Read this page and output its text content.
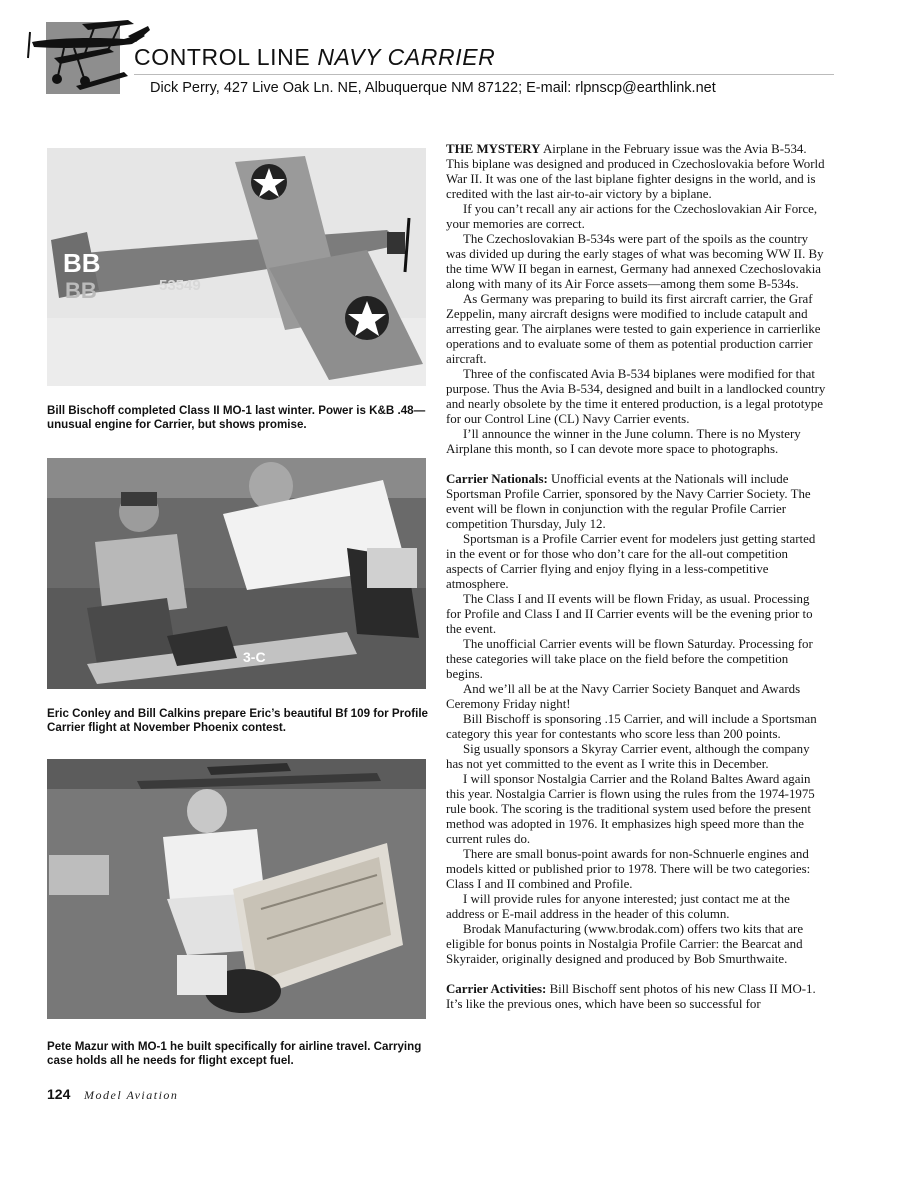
CONTROL LINE NAVY CARRIER
Dick Perry, 427 Live Oak Ln. NE, Albuquerque NM 87122; E-mail: rlpnscp@earthlink.net
BB
BB	53549
Bill Bischoff completed Class II MO-1 last winter. Power is K&B .48—unusual engine for Carrier, but shows promise.
3-C
Eric Conley and Bill Calkins prepare Eric’s beautiful Bf 109 for Profile Carrier flight at November Phoenix contest.
Pete Mazur with MO-1 he built specifically for airline travel. Carrying case holds all he needs for flight except fuel.

THE MYSTERY Airplane in the February issue was the Avia B-534. This biplane was designed and produced in Czechoslovakia before World War II. It was one of the last biplane fighter designs in the world, and is credited with the last air-to-air victory by a biplane.

If you can’t recall any air actions for the Czechoslovakian Air Force, your memories are correct.

The Czechoslovakian B-534s were part of the spoils as the country was divided up during the early stages of what was becoming WW II. By the time WW II began in earnest, Germany had annexed Czechoslovakia along with many of its Air Force assets—among them some B-534s.

As Germany was preparing to build its first aircraft carrier, the Graf Zeppelin, many aircraft designs were modified to include catapult and arresting gear. The airplanes were tested to gain experience in carrierlike operations and to evaluate some of them as potential production carrier aircraft.

Three of the confiscated Avia B-534 biplanes were modified for that purpose. Thus the Avia B-534, designed and built in a landlocked country and nearly obsolete by the time it entered production, is a legal prototype for our Control Line (CL) Navy Carrier events.

I’ll announce the winner in the June column. There is no Mystery Airplane this month, so I can devote more space to photographs.

Carrier Nationals: Unofficial events at the Nationals will include Sportsman Profile Carrier, sponsored by the Navy Carrier Society. The event will be flown in conjunction with the regular Profile Carrier competition Thursday, July 12.

Sportsman is a Profile Carrier event for modelers just getting started in the event or for those who don’t care for the all-out competition aspects of Carrier flying and enjoy flying in a less-competitive atmosphere.

The Class I and II events will be flown Friday, as usual. Processing for Profile and Class I and II Carrier events will be the evening prior to the event.

The unofficial Carrier events will be flown Saturday. Processing for these categories will take place on the field before the competition begins.

And we’ll all be at the Navy Carrier Society Banquet and Awards Ceremony Friday night!

Bill Bischoff is sponsoring .15 Carrier, and will include a Sportsman category this year for contestants who score less than 200 points.

Sig usually sponsors a Skyray Carrier event, although the company has not yet committed to the event as I write this in December.

I will sponsor Nostalgia Carrier and the Roland Baltes Award again this year. Nostalgia Carrier is flown using the rules from the 1974-1975 rule book. The scoring is the traditional system used before the present method was adopted in 1976. It emphasizes high speed more than the current rules do.

There are small bonus-point awards for non-Schnuerle engines and models kitted or published prior to 1978. There will be two categories: Class I and II combined and Profile.

I will provide rules for anyone interested; just contact me at the address or E-mail address in the header of this column.

Brodak Manufacturing (www.brodak.com) offers two kits that are eligible for bonus points in Nostalgia Profile Carrier: the Bearcat and Skyraider, originally designed and produced by Bob Smurthwaite.

Carrier Activities: Bill Bischoff sent photos of his new Class II MO-1. It’s like the previous ones, which have been so successful for

124 Model Aviation
